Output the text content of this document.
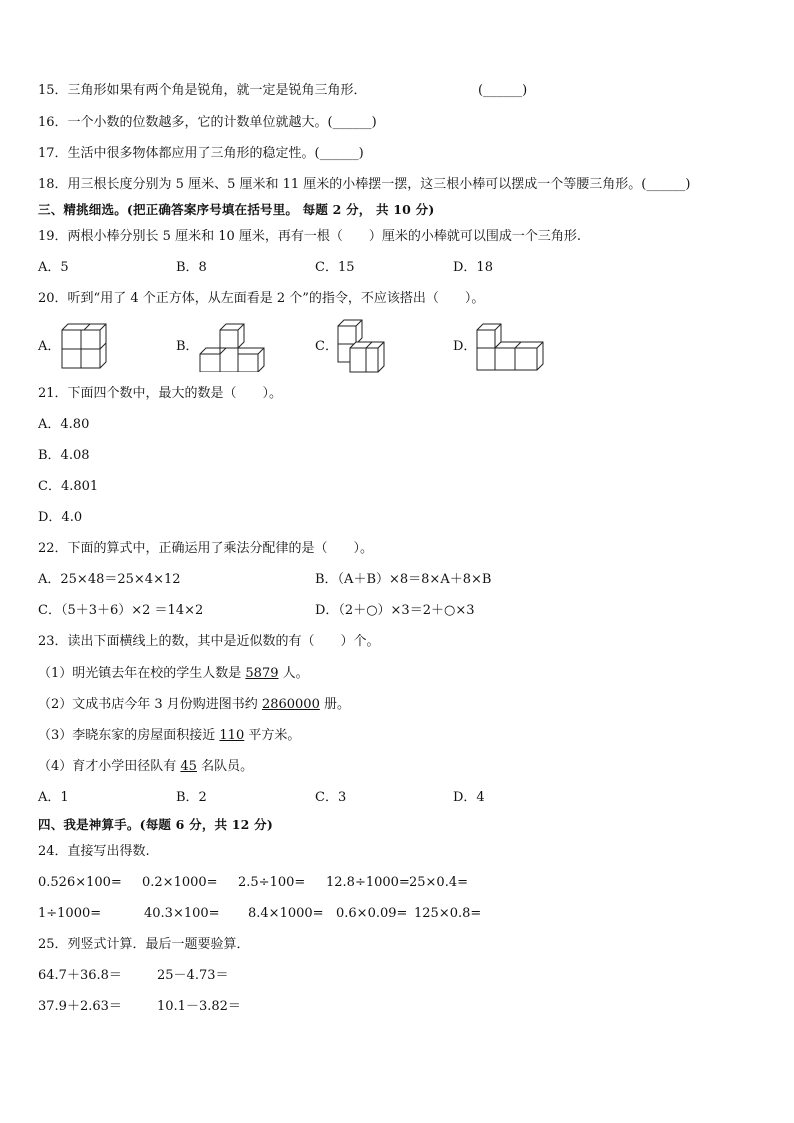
15．三角形如果有两个角是锐角，就一定是锐角三角形．	(______)
16．一个小数的位数越多，它的计数单位就越大。(______)
17．生活中很多物体都应用了三角形的稳定性。(______)
18．用三根长度分别为 5 厘米、5 厘米和 11 厘米的小棒摆一摆，这三根小棒可以摆成一个等腰三角形。(______)
三、精挑细选。(把正确答案序号填在括号里。 每题 2 分， 共 10 分)
19．两根小棒分别长 5 厘米和 10 厘米，再有一根（　　）厘米的小棒就可以围成一个三角形.
A．5	B．8	C．15	D．18
20．听到“用了 4 个正方体，从左面看是 2 个”的指令，不应该搭出（　　）。
A．	B．	C．	D．
21．下面四个数中，最大的数是（　　）。
A．4.80
B．4.08
C．4.801
D．4.0
22．下面的算式中，正确运用了乘法分配律的是（　　）。
A．25×48＝25×4×12	B．（A＋B）×8＝8×A＋8×B
C．（5＋3＋6）×2 ＝14×2	D．（2＋○）×3＝2＋○×3
23．读出下面横线上的数，其中是近似数的有（　　）个。
（1）明光镇去年在校的学生人数是 5879 人。
（2）文成书店今年 3 月份购进图书约 2860000 册。
（3）李晓东家的房屋面积接近 110 平方米。
（4）育才小学田径队有 45 名队员。
A．1	B．2	C．3	D．4
四、我是神算手。(每题 6 分，共 12 分)
24．直接写出得数.
0.526×100= 0.2×1000= 2.5÷100= 12.8÷1000= 25×0.4=
1÷1000=	40.3×100= 8.4×1000= 0.6×0.09= 125×0.8=
25．列竖式计算．最后一题要验算．
64.7＋36.8＝	25－4.73＝
37.9＋2.63＝	10.1－3.82＝
